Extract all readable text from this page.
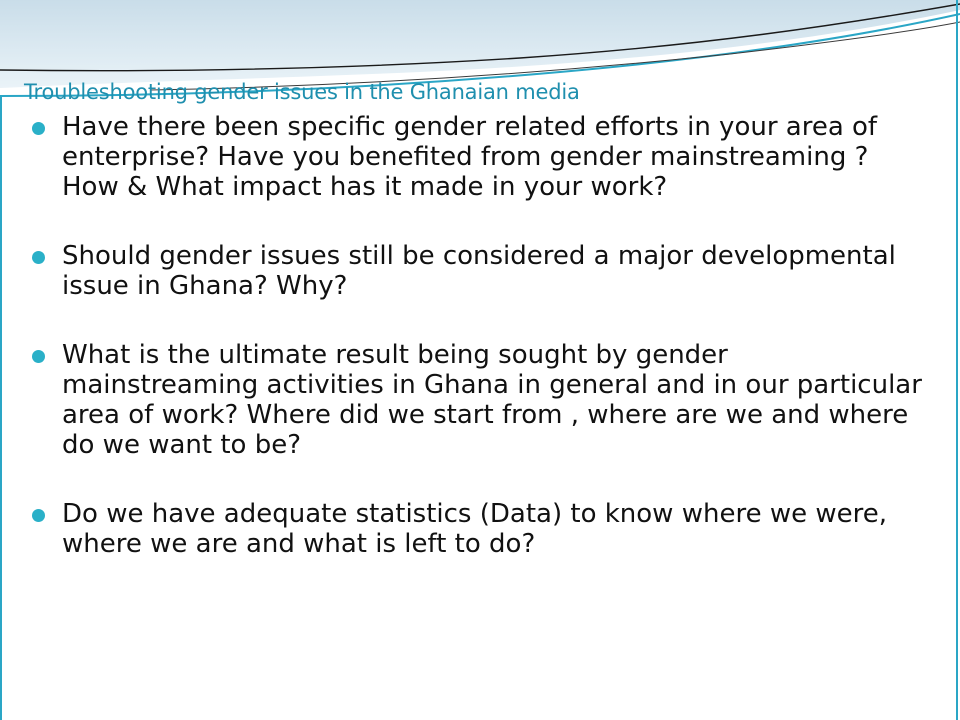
Troubleshooting gender issues in the Ghanaian media
Have there been specific gender related efforts in your area of enterprise? Have you benefited from gender mainstreaming ? How & What impact has it made in your work?
Should gender issues still be considered a major developmental issue in Ghana? Why?
What is the ultimate result being sought by gender mainstreaming activities in Ghana in general and in our particular area of work? Where did we start from , where are we and where do we want to be?
Do we have adequate statistics (Data) to know where we were, where we are and what is left to do?
